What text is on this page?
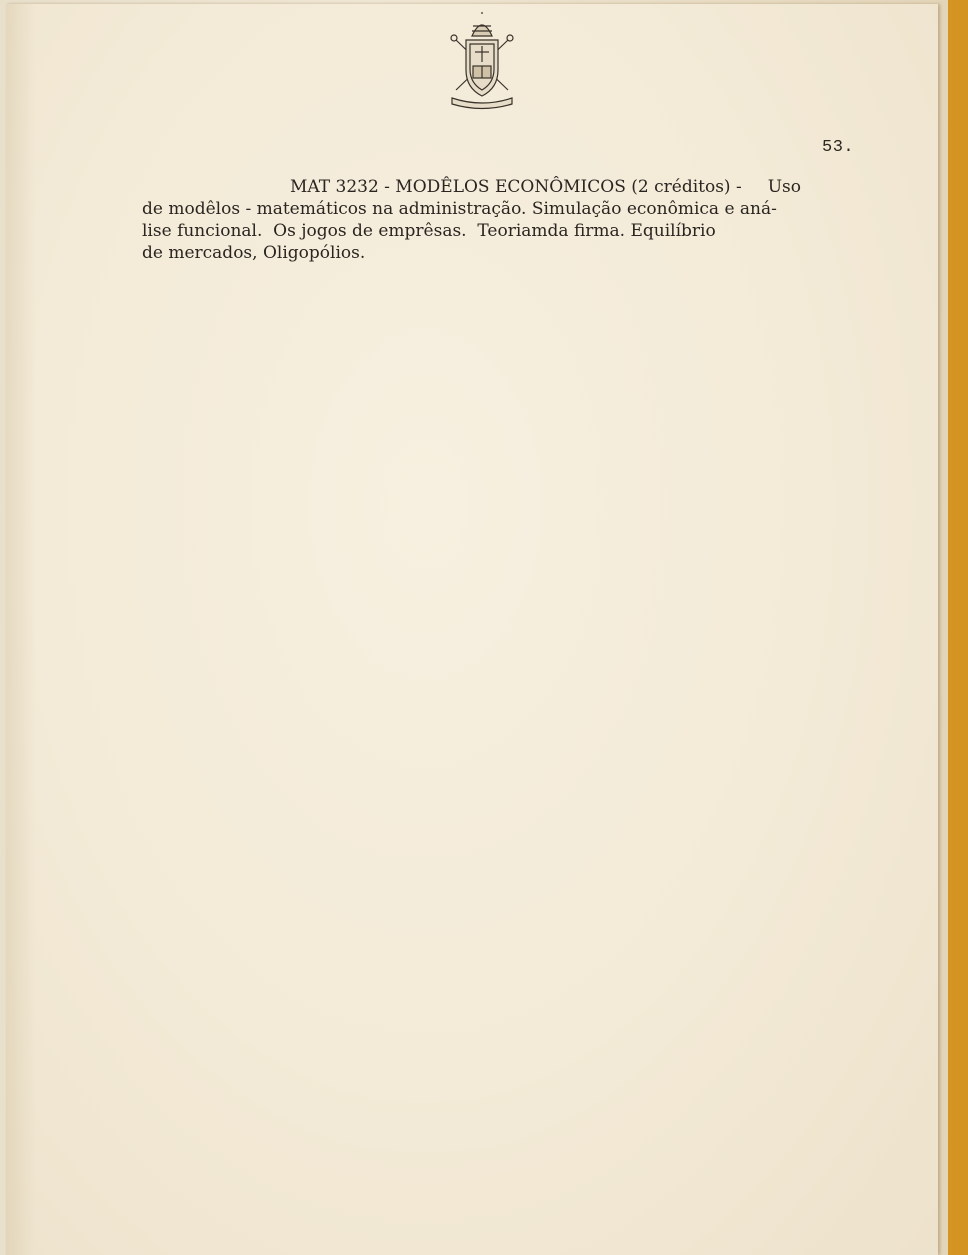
53.
MAT 3232 - MODÊLOS ECONÔMICOS (2 créditos) - Uso
de modêlos - matemáticos na administração. Simulação econômica e aná-
lise funcional.  Os jogos de emprêsas.  Teoriamda firma. Equilíbrio
de mercados, Oligopólios.
